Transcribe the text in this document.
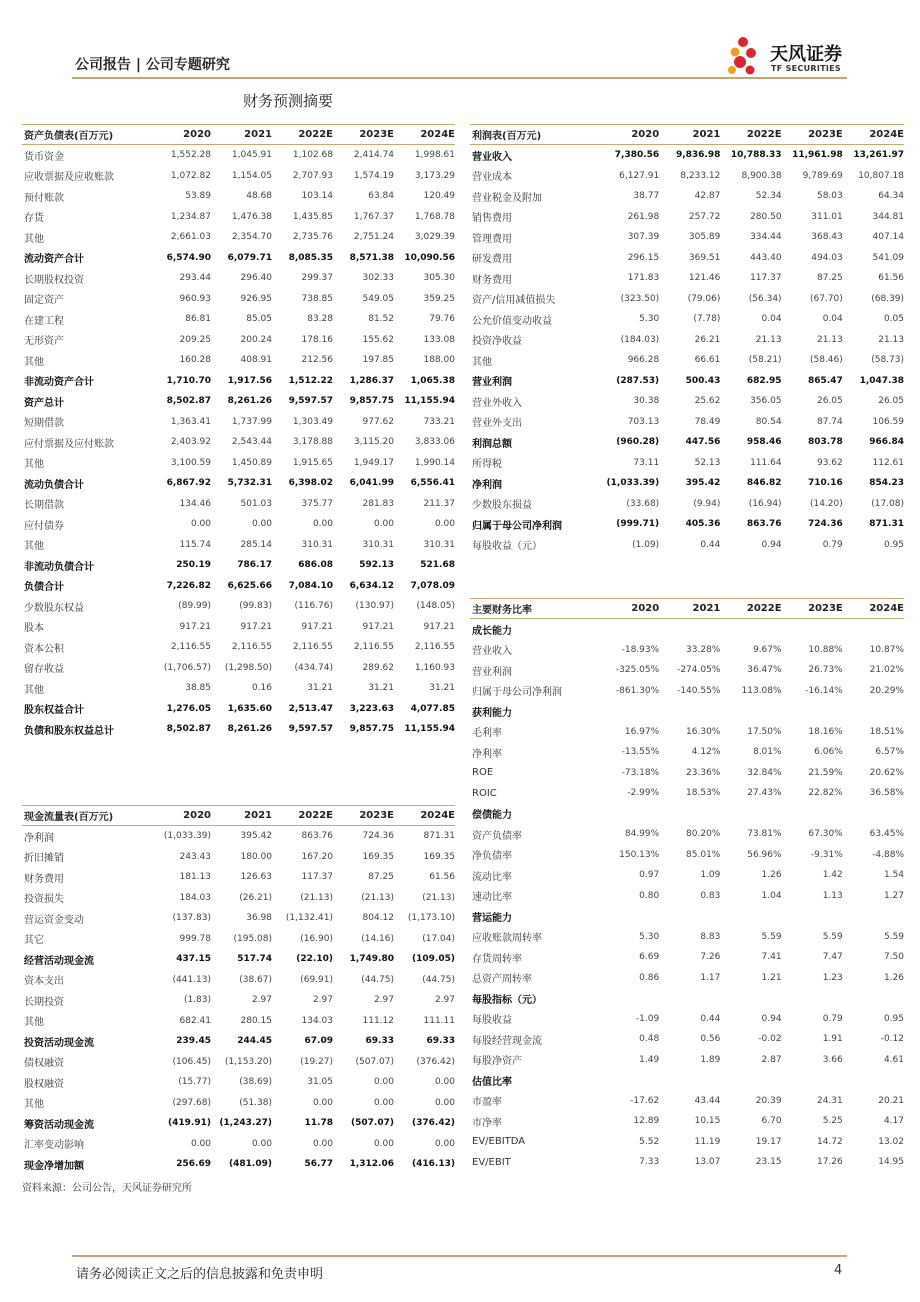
公司报告 | 公司专题研究	天风证券
TF SECURITIES
财务预测摘要
资产负债表(百万元)	2020	2021	2022E	2023E	2024E
货币资金	1,552.28	1,045.91	1,102.68	2,414.74	1,998.61
应收票据及应收账款	1,072.82	1,154.05	2,707.93	1,574.19	3,173.29
预付账款	53.89	48.68	103.14	63.84	120.49
存货	1,234.87	1,476.38	1,435.85	1,767.37	1,768.78
其他	2,661.03	2,354.70	2,735.76	2,751.24	3,029.39
流动资产合计	6,574.90	6,079.71	8,085.35	8,571.38	10,090.56
长期股权投资	293.44	296.40	299.37	302.33	305.30
固定资产	960.93	926.95	738.85	549.05	359.25
在建工程	86.81	85.05	83.28	81.52	79.76
无形资产	209.25	200.24	178.16	155.62	133.08
其他	160.28	408.91	212.56	197.85	188.00
非流动资产合计	1,710.70	1,917.56	1,512.22	1,286.37	1,065.38
资产总计	8,502.87	8,261.26	9,597.57	9,857.75	11,155.94
短期借款	1,363.41	1,737.99	1,303.49	977.62	733.21
应付票据及应付账款	2,403.92	2,543.44	3,178.88	3,115.20	3,833.06
其他	3,100.59	1,450.89	1,915.65	1,949.17	1,990.14
流动负债合计	6,867.92	5,732.31	6,398.02	6,041.99	6,556.41
长期借款	134.46	501.03	375.77	281.83	211.37
应付债券	0.00	0.00	0.00	0.00	0.00
其他	115.74	285.14	310.31	310.31	310.31
非流动负债合计	250.19	786.17	686.08	592.13	521.68
负债合计	7,226.82	6,625.66	7,084.10	6,634.12	7,078.09
少数股东权益	(89.99)	(99.83)	(116.76)	(130.97)	(148.05)
股本	917.21	917.21	917.21	917.21	917.21
资本公积	2,116.55	2,116.55	2,116.55	2,116.55	2,116.55
留存收益	(1,706.57)	(1,298.50)	(434.74)	289.62	1,160.93
其他	38.85	0.16	31.21	31.21	31.21
股东权益合计	1,276.05	1,635.60	2,513.47	3,223.63	4,077.85
负债和股东权益总计	8,502.87	8,261.26	9,597.57	9,857.75	11,155.94
利润表(百万元)	2020	2021	2022E	2023E	2024E
营业收入	7,380.56	9,836.98	10,788.33	11,961.98	13,261.97
营业成本	6,127.91	8,233.12	8,900.38	9,789.69	10,807.18
营业税金及附加	38.77	42.87	52.34	58.03	64.34
销售费用	261.98	257.72	280.50	311.01	344.81
管理费用	307.39	305.89	334.44	368.43	407.14
研发费用	296.15	369.51	443.40	494.03	541.09
财务费用	171.83	121.46	117.37	87.25	61.56
资产/信用减值损失	(323.50)	(79.06)	(56.34)	(67.70)	(68.39)
公允价值变动收益	5.30	(7.78)	0.04	0.04	0.05
投资净收益	(184.03)	26.21	21.13	21.13	21.13
其他	966.28	66.61	(58.21)	(58.46)	(58.73)
营业利润	(287.53)	500.43	682.95	865.47	1,047.38
营业外收入	30.38	25.62	356.05	26.05	26.05
营业外支出	703.13	78.49	80.54	87.74	106.59
利润总额	(960.28)	447.56	958.46	803.78	966.84
所得税	73.11	52.13	111.64	93.62	112.61
净利润	(1,033.39)	395.42	846.82	710.16	854.23
少数股东损益	(33.68)	(9.94)	(16.94)	(14.20)	(17.08)
归属于母公司净利润	(999.71)	405.36	863.76	724.36	871.31
每股收益（元）	(1.09)	0.44	0.94	0.79	0.95
主要财务比率	2020	2021	2022E	2023E	2024E
成长能力					
营业收入	-18.93%	33.28%	9.67%	10.88%	10.87%
营业利润	-325.05%	-274.05%	36.47%	26.73%	21.02%
归属于母公司净利润	-861.30%	-140.55%	113.08%	-16.14%	20.29%
获利能力					
毛利率	16.97%	16.30%	17.50%	18.16%	18.51%
净利率	-13.55%	4.12%	8.01%	6.06%	6.57%
ROE	-73.18%	23.36%	32.84%	21.59%	20.62%
ROIC	-2.99%	18.53%	27.43%	22.82%	36.58%
偿债能力					
资产负债率	84.99%	80.20%	73.81%	67.30%	63.45%
净负债率	150.13%	85.01%	56.96%	-9.31%	-4.88%
流动比率	0.97	1.09	1.26	1.42	1.54
速动比率	0.80	0.83	1.04	1.13	1.27
营运能力					
应收账款周转率	5.30	8.83	5.59	5.59	5.59
存货周转率	6.69	7.26	7.41	7.47	7.50
总资产周转率	0.86	1.17	1.21	1.23	1.26
每股指标（元）					
每股收益	-1.09	0.44	0.94	0.79	0.95
每股经营现金流	0.48	0.56	-0.02	1.91	-0.12
每股净资产	1.49	1.89	2.87	3.66	4.61
估值比率					
市盈率	-17.62	43.44	20.39	24.31	20.21
市净率	12.89	10.15	6.70	5.25	4.17
EV/EBITDA	5.52	11.19	19.17	14.72	13.02
EV/EBIT	7.33	13.07	23.15	17.26	14.95
现金流量表(百万元)	2020	2021	2022E	2023E	2024E
净利润	(1,033.39)	395.42	863.76	724.36	871.31
折旧摊销	243.43	180.00	167.20	169.35	169.35
财务费用	181.13	126.63	117.37	87.25	61.56
投资损失	184.03	(26.21)	(21.13)	(21.13)	(21.13)
营运资金变动	(137.83)	36.98	(1,132.41)	804.12	(1,173.10)
其它	999.78	(195.08)	(16.90)	(14.16)	(17.04)
经营活动现金流	437.15	517.74	(22.10)	1,749.80	(109.05)
资本支出	(441.13)	(38.67)	(69.91)	(44.75)	(44.75)
长期投资	(1.83)	2.97	2.97	2.97	2.97
其他	682.41	280.15	134.03	111.12	111.11
投资活动现金流	239.45	244.45	67.09	69.33	69.33
债权融资	(106.45)	(1,153.20)	(19.27)	(507.07)	(376.42)
股权融资	(15.77)	(38.69)	31.05	0.00	0.00
其他	(297.68)	(51.38)	0.00	0.00	0.00
筹资活动现金流	(419.91)	(1,243.27)	11.78	(507.07)	(376.42)
汇率变动影响	0.00	0.00	0.00	0.00	0.00
现金净增加额	256.69	(481.09)	56.77	1,312.06	(416.13)
资料来源：公司公告，天风证券研究所
请务必阅读正文之后的信息披露和免责申明	4
